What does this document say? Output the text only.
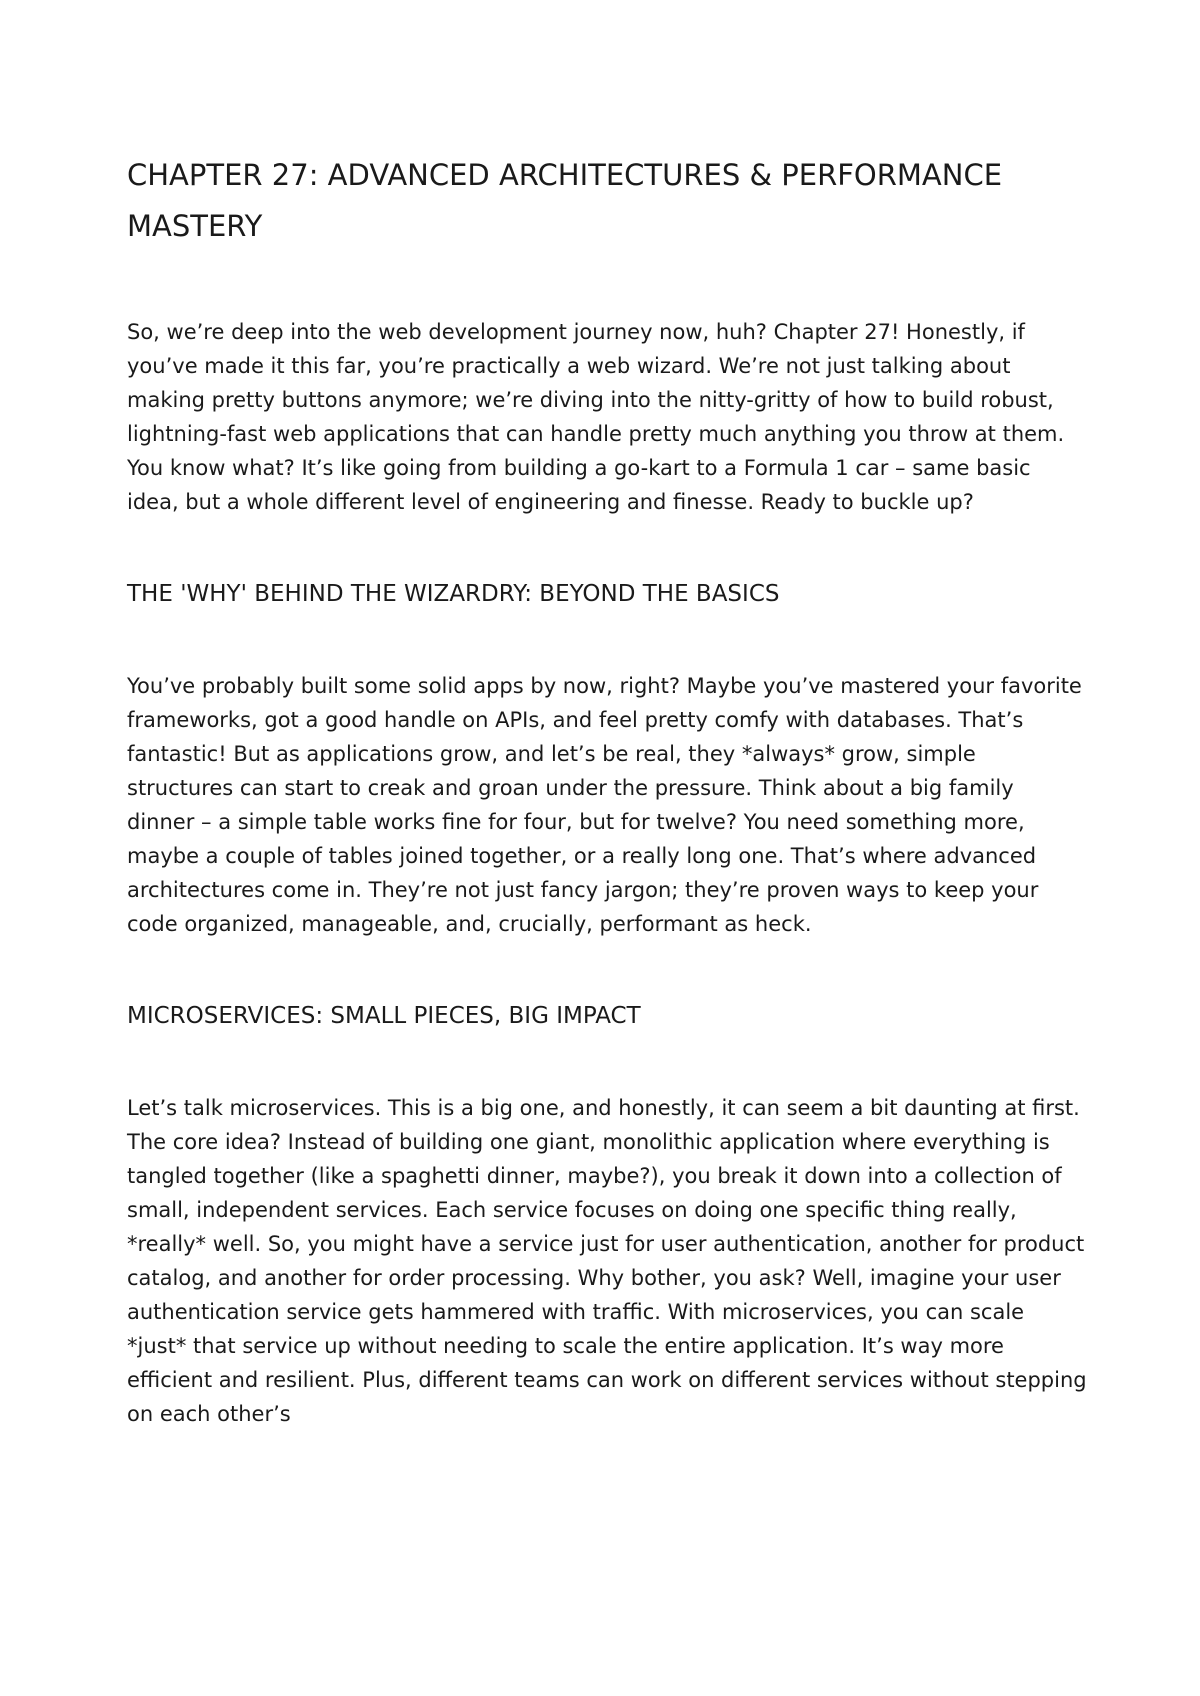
CHAPTER 27: ADVANCED ARCHITECTURES & PERFORMANCE MASTERY

So, we’re deep into the web development journey now, huh? Chapter 27! Honestly, if you’ve made it this far, you’re practically a web wizard. We’re not just talking about making pretty buttons anymore; we’re diving into the nitty-gritty of how to build robust, lightning-fast web applications that can handle pretty much anything you throw at them. You know what? It’s like going from building a go-kart to a Formula 1 car – same basic idea, but a whole different level of engineering and finesse. Ready to buckle up?

THE 'WHY' BEHIND THE WIZARDRY: BEYOND THE BASICS

You’ve probably built some solid apps by now, right? Maybe you’ve mastered your favorite frameworks, got a good handle on APIs, and feel pretty comfy with databases. That’s fantastic! But as applications grow, and let’s be real, they *always* grow, simple structures can start to creak and groan under the pressure. Think about a big family dinner – a simple table works fine for four, but for twelve? You need something more, maybe a couple of tables joined together, or a really long one. That’s where advanced architectures come in. They’re not just fancy jargon; they’re proven ways to keep your code organized, manageable, and, crucially, performant as heck.

MICROSERVICES: SMALL PIECES, BIG IMPACT

Let’s talk microservices. This is a big one, and honestly, it can seem a bit daunting at first. The core idea? Instead of building one giant, monolithic application where everything is tangled together (like a spaghetti dinner, maybe?), you break it down into a collection of small, independent services. Each service focuses on doing one specific thing really, *really* well. So, you might have a service just for user authentication, another for product catalog, and another for order processing. Why bother, you ask? Well, imagine your user authentication service gets hammered with traffic. With microservices, you can scale *just* that service up without needing to scale the entire application. It’s way more efficient and resilient. Plus, different teams can work on different services without stepping on each other’s
